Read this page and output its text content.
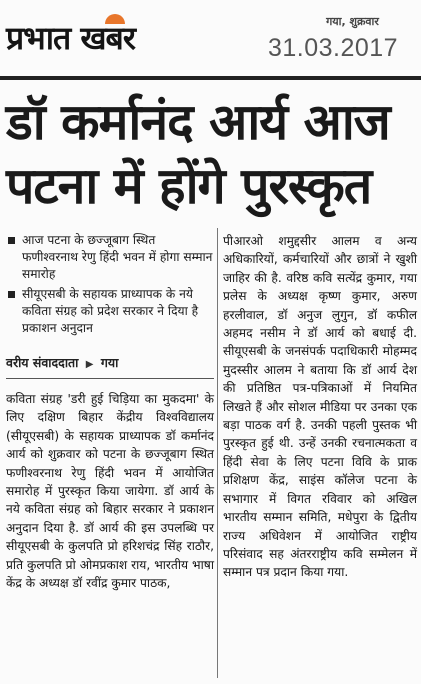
प्रभात खबर	गया, शुक्रवार
31.03.2017
डॉ कर्मानंद आर्य आज
पटना में होंगे पुरस्कृत
आज पटना के छज्जूबाग स्थित फणीश्वरनाथ रेणु हिंदी भवन में होगा सम्मान समारोह
सीयूएसबी के सहायक प्राध्यापक के नये कविता संग्रह को प्रदेश सरकार ने दिया है प्रकाशन अनुदान
वरीय संवाददाता ▶ गया
कविता संग्रह 'डरी हुई चिड़िया का मुकदमा' के लिए दक्षिण बिहार केंद्रीय विश्वविद्यालय (सीयूएसबी) के सहायक प्राध्यापक डॉ कर्मानंद आर्य को शुक्रवार को पटना के छज्जूबाग स्थित फणीश्वरनाथ रेणु हिंदी भवन में आयोजित समारोह में पुरस्कृत किया जायेगा. डॉ आर्य के नये कविता संग्रह को बिहार सरकार ने प्रकाशन अनुदान दिया है. डॉ आर्य की इस उपलब्धि पर सीयूएसबी के कुलपति प्रो हरिशचंद्र सिंह राठौर, प्रति कुलपति प्रो ओमप्रकाश राय, भारतीय भाषा केंद्र के अध्यक्ष डॉ रवींद्र कुमार पाठक,
पीआरओ शमुद्दसीर आलम व अन्य अधिकारियों, कर्मचारियों और छात्रों ने खुशी जाहिर की है. वरिष्ठ कवि सत्येंद्र कुमार, गया प्रलेस के अध्यक्ष कृष्ण कुमार, अरुण हरलीवाल, डॉ अनुज लुगुन, डॉ कफील अहमद नसीम ने डॉ आर्य को बधाई दी. सीयूएसबी के जनसंपर्क पदाधिकारी मोहम्मद मुदस्सीर आलम ने बताया कि डॉ आर्य देश की प्रतिष्ठित पत्र-पत्रिकाओं में नियमित लिखते हैं और सोशल मीडिया पर उनका एक बड़ा पाठक वर्ग है. उनकी पहली पुस्तक भी पुरस्कृत हुई थी. उन्हें उनकी रचनात्मकता व हिंदी सेवा के लिए पटना विवि के प्राक प्रशिक्षण केंद्र, साइंस कॉलेज पटना के सभागार में विगत रविवार को अखिल भारतीय सम्मान समिति, मधेपुरा के द्वितीय राज्य अधिवेशन में आयोजित राष्ट्रीय परिसंवाद सह अंतरराष्ट्रीय कवि सम्मेलन में सम्मान पत्र प्रदान किया गया.
